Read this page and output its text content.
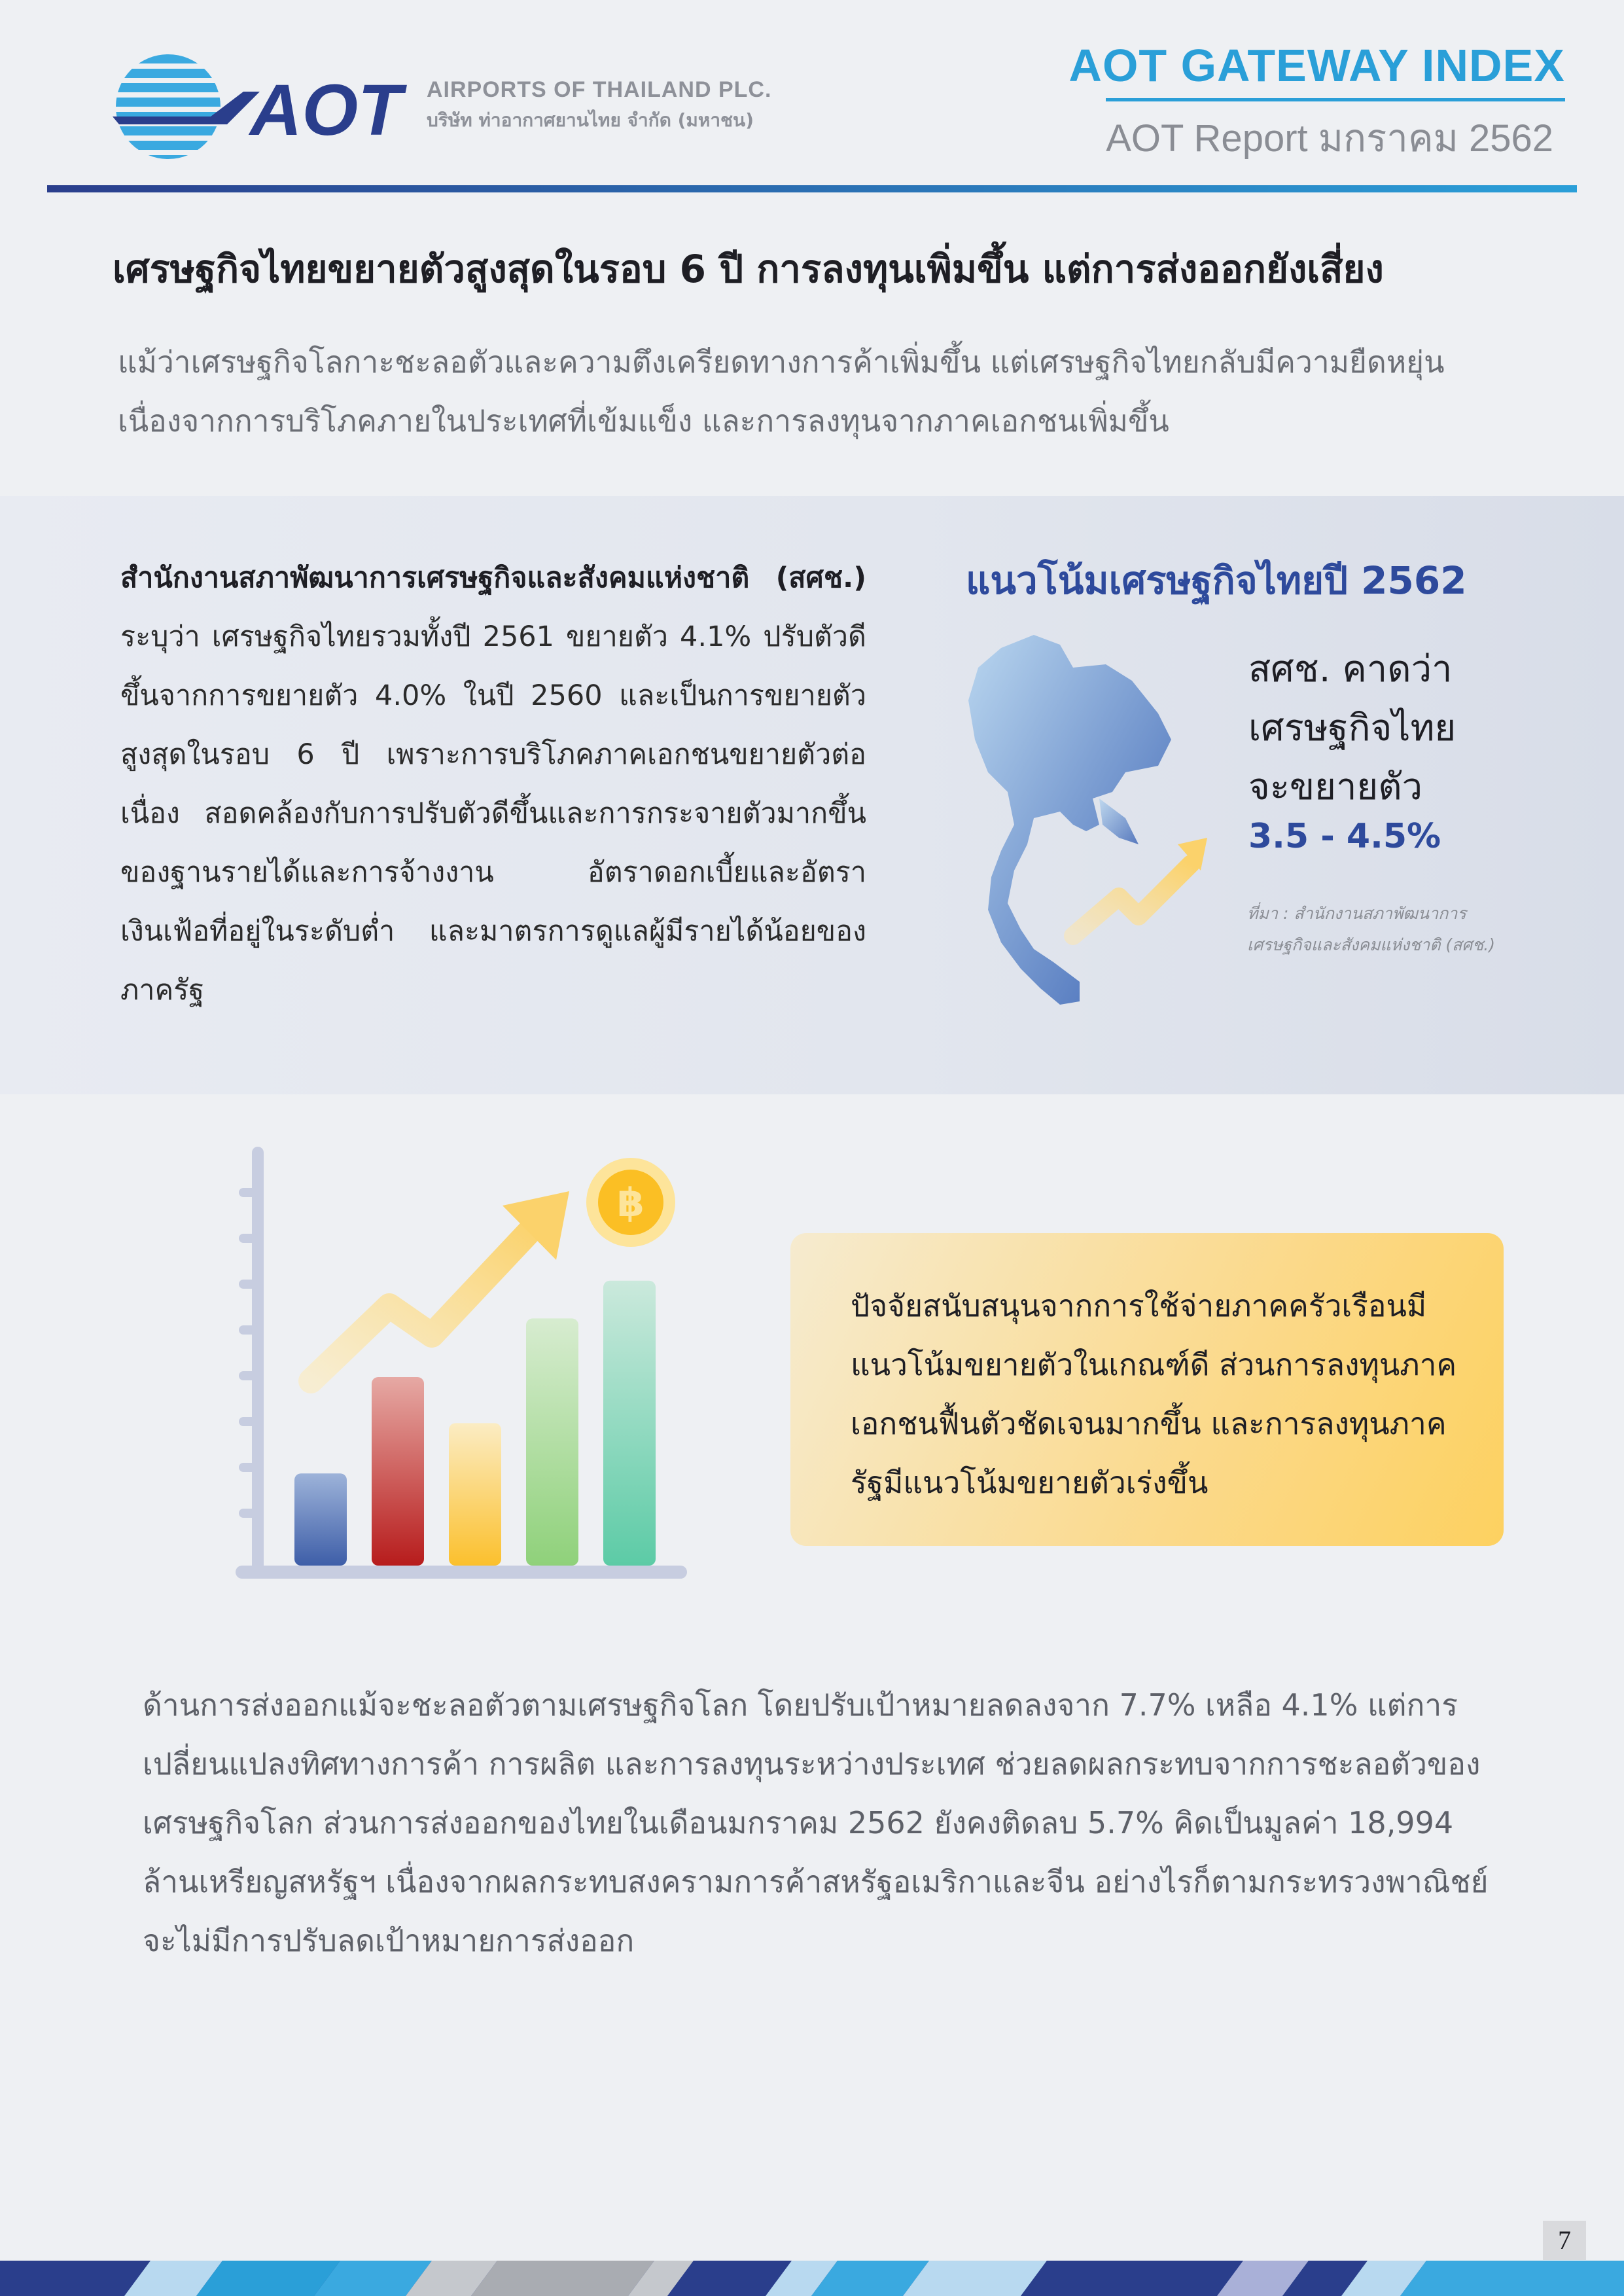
AOT AIRPORTS OF THAILAND PLC.
บริษัท ท่าอากาศยานไทย จำกัด (มหาชน)
AOT GATEWAY INDEX
AOT Report มกราคม 2562
เศรษฐกิจไทยขยายตัวสูงสุดในรอบ 6 ปี การลงทุนเพิ่มขึ้น แต่การส่งออกยังเสี่ยง
แม้ว่าเศรษฐกิจโลกาะชะลอตัวและความตึงเครียดทางการค้าเพิ่มขึ้น แต่เศรษฐกิจไทยกลับมีความยืดหยุ่น เนื่องจากการบริโภคภายในประเทศที่เข้มแข็ง และการลงทุนจากภาคเอกชนเพิ่มขึ้น
สำนักงานสภาพัฒนาการเศรษฐกิจและสังคมแห่งชาติ (สศช.) ระบุว่า เศรษฐกิจไทยรวมทั้งปี 2561 ขยายตัว 4.1% ปรับตัวดีขึ้นจากการขยายตัว 4.0% ในปี 2560 และเป็นการขยายตัวสูงสุดในรอบ 6 ปี เพราะการบริโภคภาคเอกชนขยายตัวต่อเนื่อง สอดคล้องกับการปรับตัวดีขึ้นและการกระจายตัวมากขึ้นของฐานรายได้และการจ้างงาน อัตราดอกเบี้ยและอัตราเงินเฟ้อที่อยู่ในระดับต่ำ และมาตรการดูแลผู้มีรายได้น้อยของภาครัฐ
แนวโน้มเศรษฐกิจไทยปี 2562
สศช. คาดว่า
เศรษฐกิจไทย
จะขยายตัว
3.5 - 4.5%
ที่มา : สำนักงานสภาพัฒนาการเศรษฐกิจและสังคมแห่งชาติ (สศช.)
฿
ปัจจัยสนับสนุนจากการใช้จ่ายภาคครัวเรือนมีแนวโน้มขยายตัวในเกณฑ์ดี ส่วนการลงทุนภาคเอกชนฟื้นตัวชัดเจนมากขึ้น และการลงทุนภาครัฐมีแนวโน้มขยายตัวเร่งขึ้น
ด้านการส่งออกแม้จะชะลอตัวตามเศรษฐกิจโลก โดยปรับเป้าหมายลดลงจาก 7.7% เหลือ 4.1% แต่การเปลี่ยนแปลงทิศทางการค้า การผลิต และการลงทุนระหว่างประเทศ ช่วยลดผลกระทบจากการชะลอตัวของเศรษฐกิจโลก ส่วนการส่งออกของไทยในเดือนมกราคม 2562 ยังคงติดลบ 5.7% คิดเป็นมูลค่า 18,994 ล้านเหรียญสหรัฐฯ เนื่องจากผลกระทบสงครามการค้าสหรัฐอเมริกาและจีน อย่างไรก็ตามกระทรวงพาณิชย์จะไม่มีการปรับลดเป้าหมายการส่งออก
7
